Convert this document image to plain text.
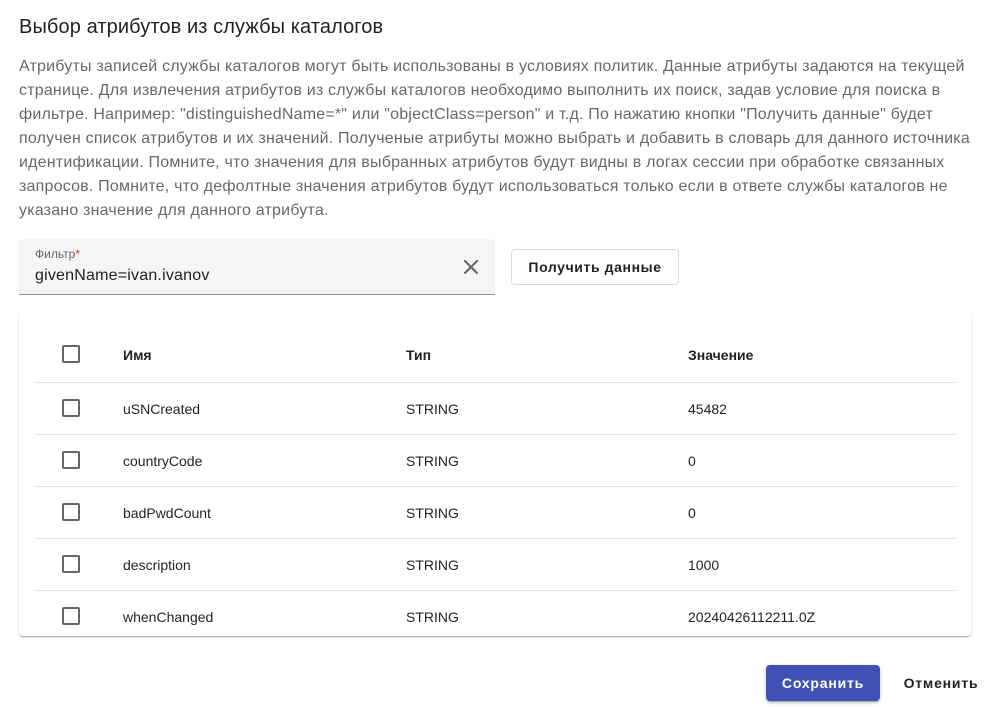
Выбор атрибутов из службы каталогов
Атрибуты записей службы каталогов могут быть использованы в условиях политик. Данные атрибуты задаются на текущей странице. Для извлечения атрибутов из службы каталогов необходимо выполнить их поиск, задав условие для поиска в фильтре. Например: "distinguishedName=*" или "objectClass=person" и т.д. По нажатию кнопки "Получить данные" будет получен список атрибутов и их значений. Полученые атрибуты можно выбрать и добавить в словарь для данного источника идентификации. Помните, что значения для выбранных атрибутов будут видны в логах сессии при обработке связанных запросов. Помните, что дефолтные значения атрибутов будут использоваться только если в ответе службы каталогов не указано значение для данного атрибута.
Фильтр*
givenName=ivan.ivanov
Получить данные
Имя	Тип	Значение
uSNCreated	STRING	45482
countryCode	STRING	0
badPwdCount	STRING	0
description	STRING	1000
whenChanged	STRING	20240426112211.0Z
Сохранить	Отменить
